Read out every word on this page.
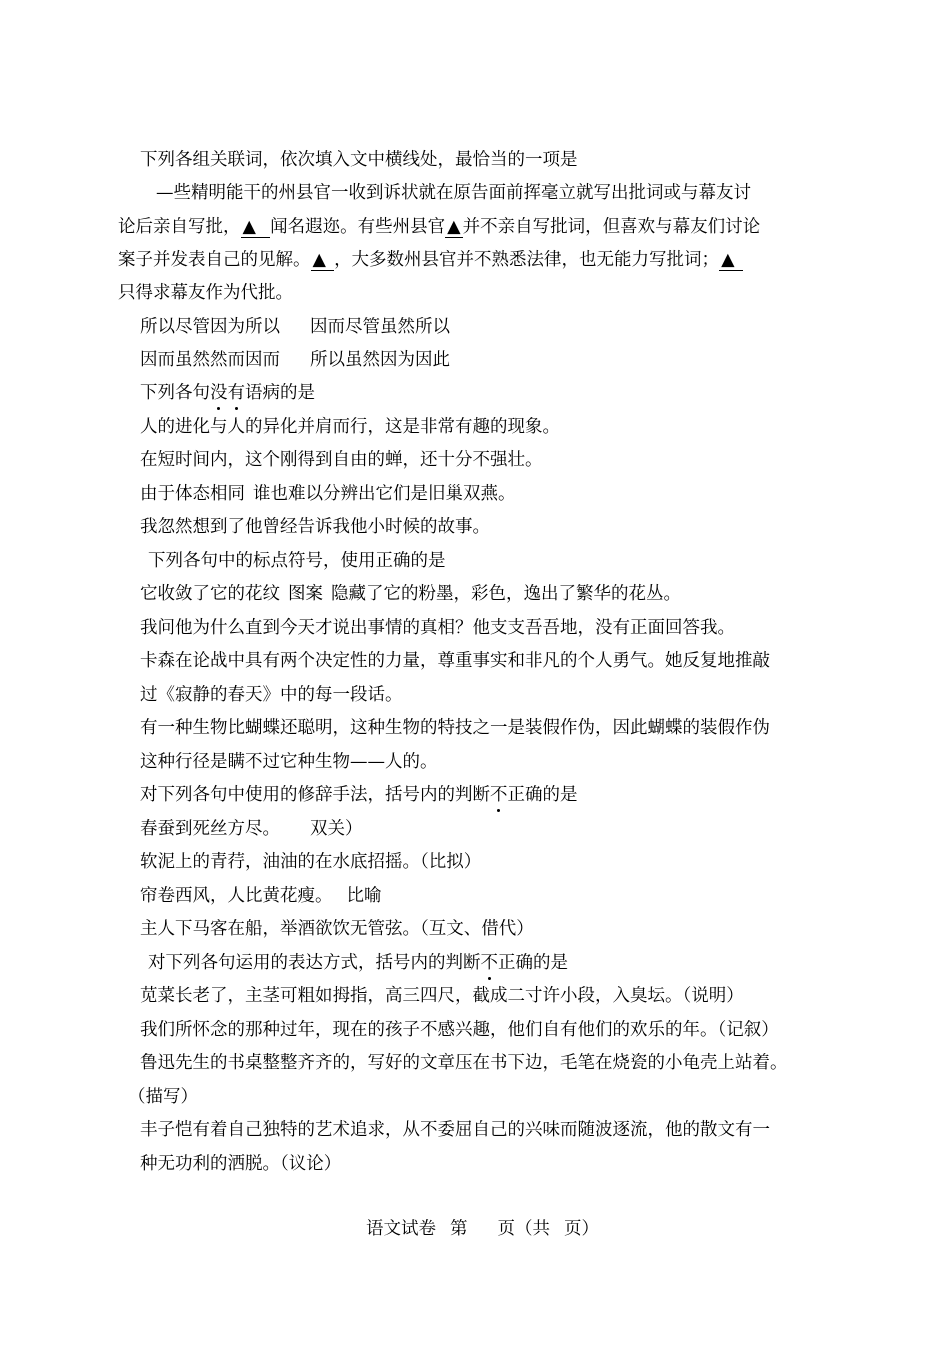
下列各组关联词，依次填入文中横线处，最恰当的一项是
—些精明能干的州县官一收到诉状就在原告面前挥毫立就写出批词或与幕友讨
论后亲自写批， ▲ 闻名遐迩。有些州县官 ▲ 并不亲自写批词，但喜欢与幕友们讨论
案子并发表自己的见解。 ▲ ，大多数州县官并不熟悉法律，也无能力写批词； ▲
只得求幕友作为代批。
所以尽管因为所以 因而尽管虽然所以
因而虽然然而因而 所以虽然因为因此
下列各句没有语病的是
人的进化与人的异化并肩而行，这是非常有趣的现象。
在短时间内，这个刚得到自由的蝉，还十分不强壮。
由于体态相同 谁也难以分辨出它们是旧巢双燕。
我忽然想到了他曾经告诉我他小时候的故事。
下列各句中的标点符号，使用正确的是
它收敛了它的花纹 图案 隐藏了它的粉墨，彩色，逸出了繁华的花丛。
我问他为什么直到今天才说出事情的真相？他支支吾吾地，没有正面回答我。
卡森在论战中具有两个决定性的力量，尊重事实和非凡的个人勇气。她反复地推敲
过《寂静的春天》中的每一段话。
有一种生物比蝴蝶还聪明，这种生物的特技之一是装假作伪，因此蝴蝶的装假作伪
这种行径是瞒不过它种生物——人的。
对下列各句中使用的修辞手法，括号内的判断不正确的是
春蚕到死丝方尽。 双关）
软泥上的青荇，油油的在水底招摇。（比拟）
帘卷西风，人比黄花瘦。 比喻
主人下马客在船，举酒欲饮无管弦。（互文、借代）
对下列各句运用的表达方式，括号内的判断不正确的是
苋菜长老了，主茎可粗如拇指，高三四尺，截成二寸许小段，入臭坛。（说明）
我们所怀念的那种过年，现在的孩子不感兴趣，他们自有他们的欢乐的年。（记叙）
鲁迅先生的书桌整整齐齐的，写好的文章压在书下边，毛笔在烧瓷的小龟壳上站着。
（描写）
丰子恺有着自己独特的艺术追求，从不委屈自己的兴味而随波逐流，他的散文有一
种无功利的洒脱。（议论）
语文试卷 第 页（共 页）
